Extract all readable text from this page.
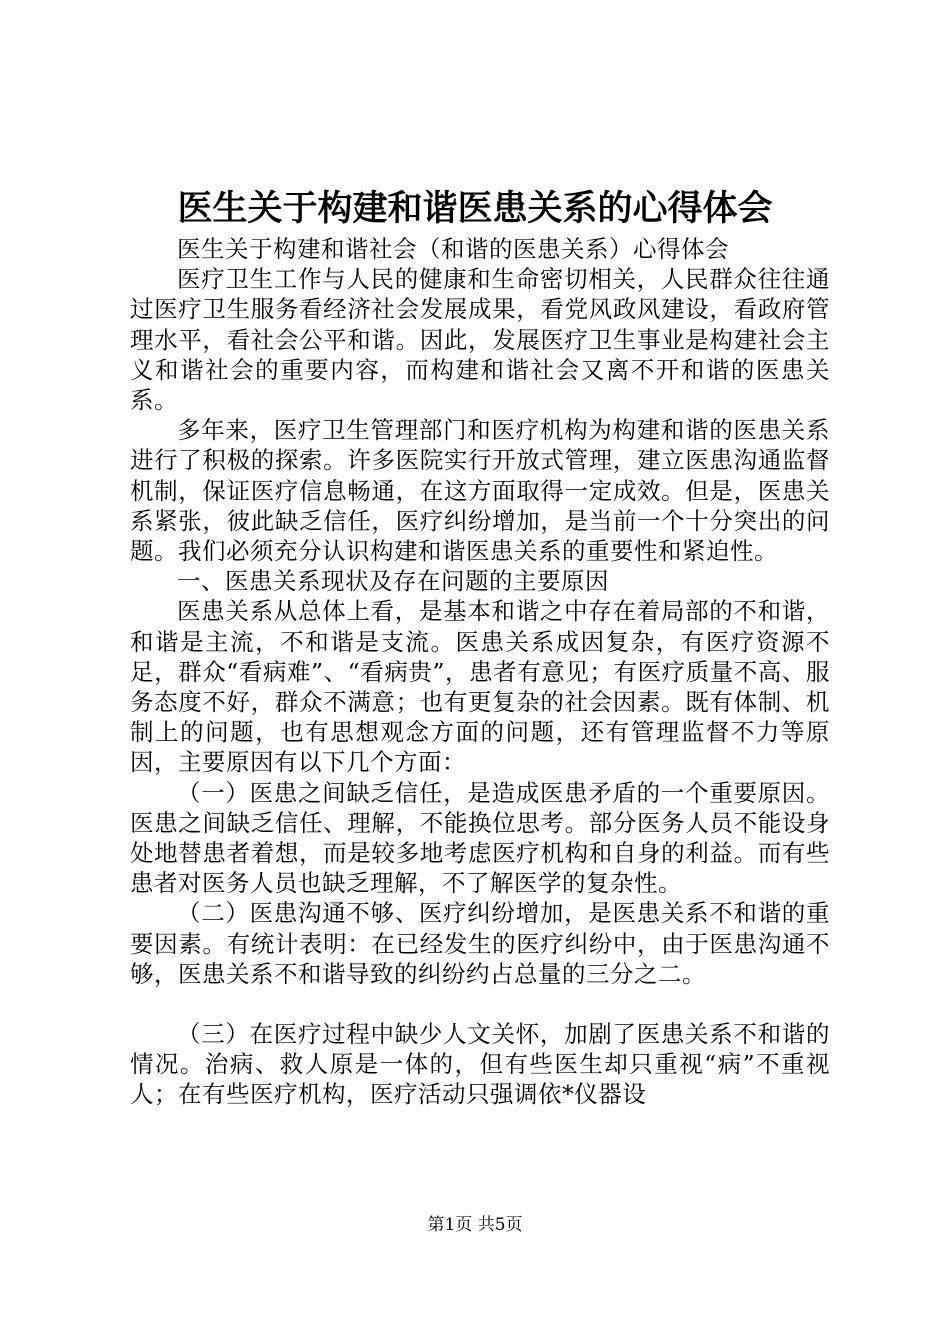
医生关于构建和谐医患关系的心得体会

医生关于构建和谐社会（和谐的医患关系）心得体会

医疗卫生工作与人民的健康和生命密切相关，人民群众往往通过医疗卫生服务看经济社会发展成果，看党风政风建设，看政府管理水平，看社会公平和谐。因此，发展医疗卫生事业是构建社会主义和谐社会的重要内容，而构建和谐社会又离不开和谐的医患关系。

多年来，医疗卫生管理部门和医疗机构为构建和谐的医患关系进行了积极的探索。许多医院实行开放式管理，建立医患沟通监督机制，保证医疗信息畅通，在这方面取得一定成效。但是，医患关系紧张，彼此缺乏信任，医疗纠纷增加，是当前一个十分突出的问题。我们必须充分认识构建和谐医患关系的重要性和紧迫性。

一、医患关系现状及存在问题的主要原因

医患关系从总体上看，是基本和谐之中存在着局部的不和谐，和谐是主流，不和谐是支流。医患关系成因复杂，有医疗资源不足，群众“看病难”、“看病贵”，患者有意见；有医疗质量不高、服务态度不好，群众不满意；也有更复杂的社会因素。既有体制、机制上的问题，也有思想观念方面的问题，还有管理监督不力等原因，主要原因有以下几个方面：

（一）医患之间缺乏信任，是造成医患矛盾的一个重要原因。医患之间缺乏信任、理解，不能换位思考。部分医务人员不能设身处地替患者着想，而是较多地考虑医疗机构和自身的利益。而有些患者对医务人员也缺乏理解，不了解医学的复杂性。

（二）医患沟通不够、医疗纠纷增加，是医患关系不和谐的重要因素。有统计表明：在已经发生的医疗纠纷中，由于医患沟通不够，医患关系不和谐导致的纠纷约占总量的三分之二。

（三）在医疗过程中缺少人文关怀，加剧了医患关系不和谐的情况。治病、救人原是一体的，但有些医生却只重视“病”不重视人；在有些医疗机构，医疗活动只强调依*仪器设

第1页 共5页
